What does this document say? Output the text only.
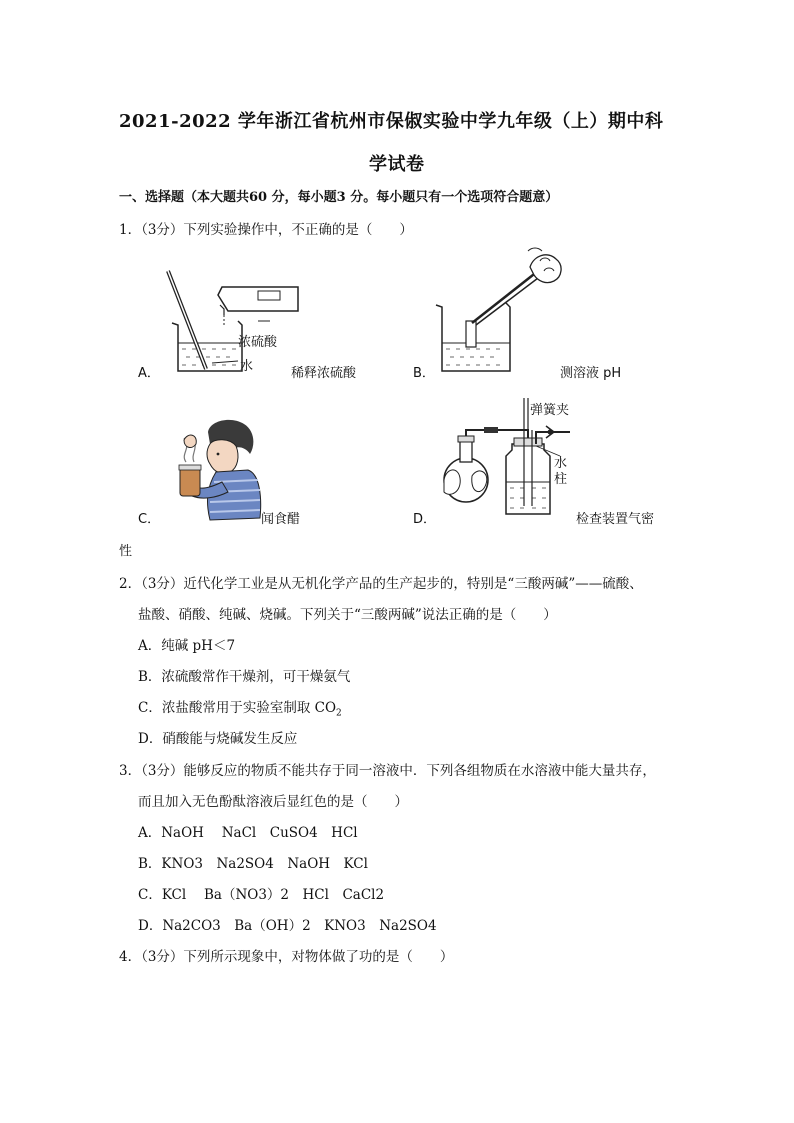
2021-2022 学年浙江省杭州市保俶实验中学九年级（上）期中科
学试卷
一、选择题（本大题共60 分，每小题3 分。每小题只有一个选项符合题意）
1．（3分）下列实验操作中，不正确的是（　　）
A．
浓硫酸
水	稀释浓硫酸	B．	测溶液 pH
C．	闻食醋	D．
弹簧夹
水
柱
检查装置气密
性
2．（3分）近代化学工业是从无机化学产品的生产起步的，特别是“三酸两碱”——硫酸、
盐酸、硝酸、纯碱、烧碱。下列关于“三酸两碱”说法正确的是（　　）
A．纯碱 pH＜7
B．浓硫酸常作干燥剂，可干燥氨气
C．浓盐酸常用于实验室制取 $CO_2$
D．硝酸能与烧碱发生反应
3．（3分）能够反应的物质不能共存于同一溶液中．下列各组物质在水溶液中能大量共存，
而且加入无色酚酞溶液后显红色的是（　　）
A．NaOH　 NaCl　CuSO4　HCl
B．KNO3　Na2SO4　NaOH　KCl
C．KCl　 Ba（NO3）2　HCl　CaCl2
D．Na2CO3　Ba（OH）2　KNO3　Na2SO4
4．（3分）下列所示现象中，对物体做了功的是（　　）
